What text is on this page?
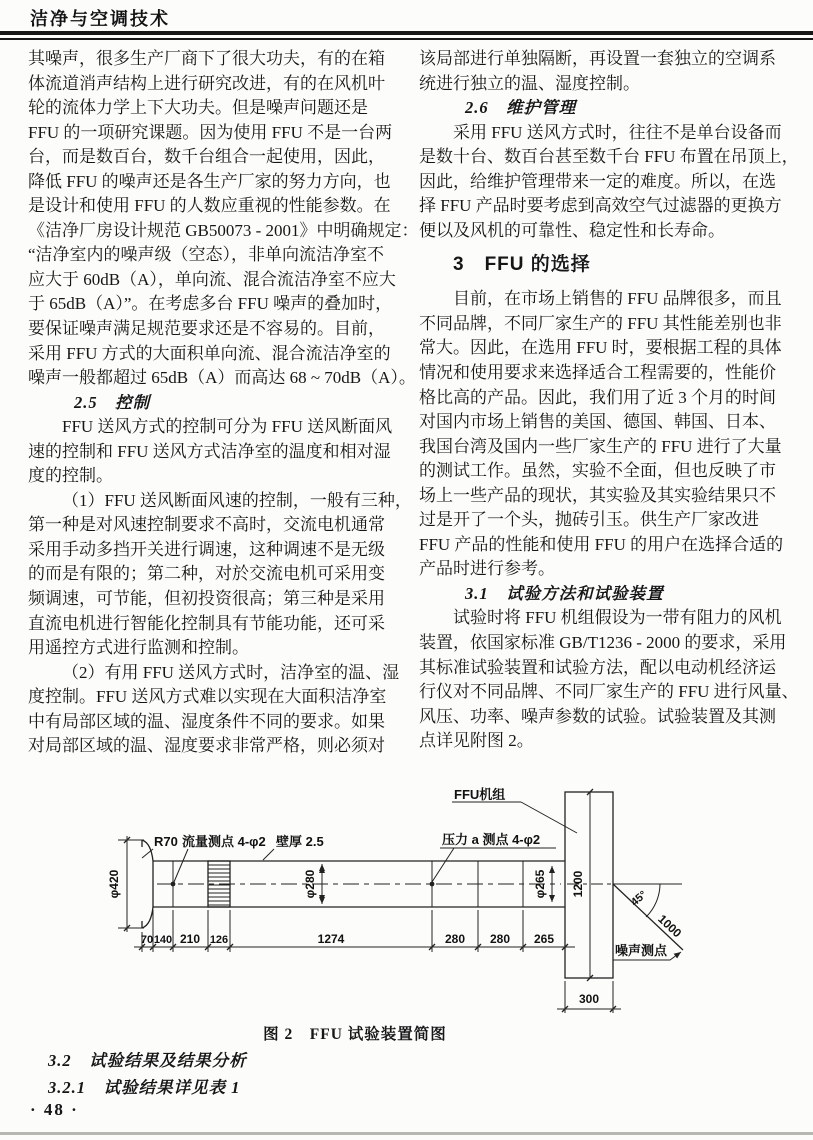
洁净与空调技术
其噪声，很多生产厂商下了很大功夫，有的在箱
体流道消声结构上进行研究改进，有的在风机叶
轮的流体力学上下大功夫。但是噪声问题还是
FFU 的一项研究课题。因为使用 FFU 不是一台两
台，而是数百台，数千台组合一起使用，因此，
降低 FFU 的噪声还是各生产厂家的努力方向，也
是设计和使用 FFU 的人数应重视的性能参数。在
《洁净厂房设计规范 GB50073 - 2001》中明确规定：
“洁净室内的噪声级（空态），非单向流洁净室不
应大于 60dB（A），单向流、混合流洁净室不应大
于 65dB（A）”。在考虑多台 FFU 噪声的叠加时，
要保证噪声满足规范要求还是不容易的。目前，
采用 FFU 方式的大面积单向流、混合流洁净室的
噪声一般都超过 65dB（A）而高达 68 ~ 70dB（A）。
2.5　控制
FFU 送风方式的控制可分为 FFU 送风断面风
速的控制和 FFU 送风方式洁净室的温度和相对湿
度的控制。
（1）FFU 送风断面风速的控制，一般有三种，
第一种是对风速控制要求不高时，交流电机通常
采用手动多挡开关进行调速，这种调速不是无级
的而是有限的；第二种，对於交流电机可采用变
频调速，可节能，但初投资很高；第三种是采用
直流电机进行智能化控制具有节能功能，还可采
用遥控方式进行监测和控制。
（2）有用 FFU 送风方式时，洁净室的温、湿
度控制。FFU 送风方式难以实现在大面积洁净室
中有局部区域的温、湿度条件不同的要求。如果
对局部区域的温、湿度要求非常严格，则必须对
该局部进行单独隔断，再设置一套独立的空调系
统进行独立的温、湿度控制。
2.6　维护管理
采用 FFU 送风方式时，往往不是单台设备而
是数十台、数百台甚至数千台 FFU 布置在吊顶上，
因此，给维护管理带来一定的难度。所以，在选
择 FFU 产品时要考虑到高效空气过滤器的更换方
便以及风机的可靠性、稳定性和长寿命。
3　FFU 的选择
目前，在市场上销售的 FFU 品牌很多，而且
不同品牌，不同厂家生产的 FFU 其性能差别也非
常大。因此，在选用 FFU 时，要根据工程的具体
情况和使用要求来选择适合工程需要的，性能价
格比高的产品。因此，我们用了近 3 个月的时间
对国内市场上销售的美国、德国、韩国、日本、
我国台湾及国内一些厂家生产的 FFU 进行了大量
的测试工作。虽然，实验不全面，但也反映了市
场上一些产品的现状，其实验及其实验结果只不
过是开了一个头，抛砖引玉。供生产厂家改进
FFU 产品的性能和使用 FFU 的用户在选择合适的
产品时进行参考。
3.1　试验方法和试验装置
试验时将 FFU 机组假设为一带有阻力的风机
装置，依国家标准 GB/T1236 - 2000 的要求，采用
其标准试验装置和试验方法，配以电动机经济运
行仪对不同品牌、不同厂家生产的 FFU 进行风量、
风压、功率、噪声参数的试验。试验装置及其测
点详见附图 2。
φ420	φ280	φ265 1200
300
70 140 210 126	1274	280 280 265
R70 流量测点 4-φ2 壁厚 2.5	压力 a 测点 4-φ2
FFU机组
45°
1000
噪声测点
图 2　FFU 试验装置简图
3.2　试验结果及结果分析
3.2.1　试验结果详见表 1
· 48 ·
